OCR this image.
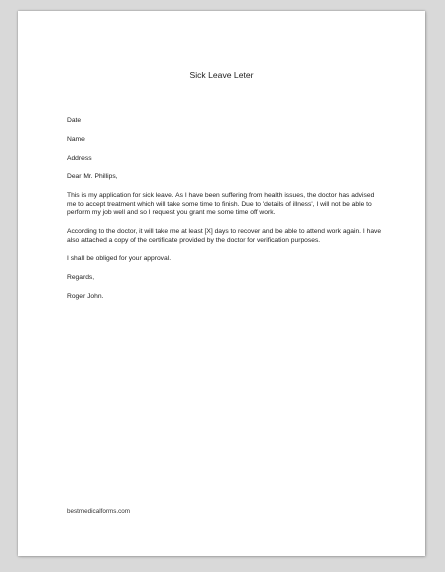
Sick Leave Leter

Date

Name

Address

Dear Mr. Phillips,

This is my application for sick leave. As I have been suffering from health issues, the doctor has advised me to accept treatment which will take some time to finish. Due to 'details of illness', I will not be able to perform my job well and so I request you grant me some time off work.

According to the doctor, it will take me at least [X] days to recover and be able to attend work again. I have also attached a copy of the certificate provided by the doctor for verification purposes.

I shall be obliged for your approval.

Regards,

Roger John.

bestmedicalforms.com
